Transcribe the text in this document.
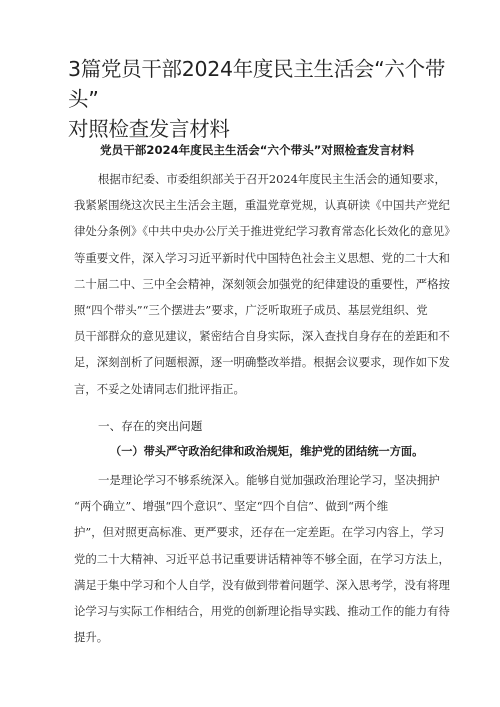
3篇党员干部2024年度民主生活会“六个带头”
对照检查发言材料
党员干部2024年度民主生活会“六个带头”对照检查发言材料
根据市纪委、市委组织部关于召开2024年度民主生活会的通知要求，
我紧紧围绕这次民主生活会主题，重温党章党规，认真研读《中国共产党纪
律处分条例》《中共中央办公厅关于推进党纪学习教育常态化长效化的意见》
等重要文件，深入学习习近平新时代中国特色社会主义思想、党的二十大和
二十届二中、三中全会精神，深刻领会加强党的纪律建设的重要性，严格按
照“四个带头”“三个摆进去”要求，广泛听取班子成员、基层党组织、党
员干部群众的意见建议，紧密结合自身实际，深入查找自身存在的差距和不
足，深刻剖析了问题根源，逐一明确整改举措。根据会议要求，现作如下发
言，不妥之处请同志们批评指正。
一、存在的突出问题
（一）带头严守政治纪律和政治规矩，维护党的团结统一方面。
一是理论学习不够系统深入。能够自觉加强政治理论学习，坚决拥护
“两个确立”、增强“四个意识”、坚定“四个自信”、做到“两个维
护”，但对照更高标准、更严要求，还存在一定差距。在学习内容上，学习
党的二十大精神、习近平总书记重要讲话精神等不够全面，在学习方法上，
满足于集中学习和个人自学，没有做到带着问题学、深入思考学，没有将理
论学习与实际工作相结合，用党的创新理论指导实践、推动工作的能力有待
提升。
